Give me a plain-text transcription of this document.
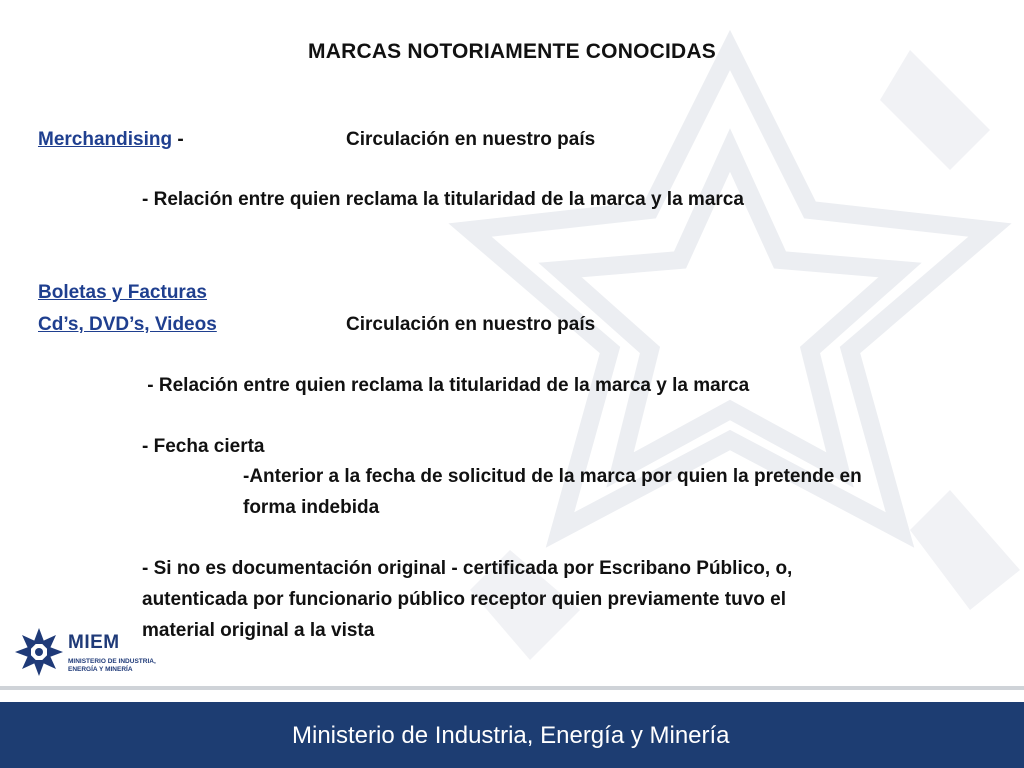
MARCAS NOTORIAMENTE CONOCIDAS
Merchandising -	Circulación en nuestro país
- Relación entre quien reclama la titularidad de la marca y la marca
Boletas y Facturas
Cd’s, DVD’s, Videos	Circulación en nuestro país
- Relación entre quien reclama la titularidad de la marca y la marca
- Fecha cierta
-Anterior a la fecha de solicitud de la marca por quien la pretende en
forma indebida
- Si no es documentación original - certificada por Escribano Público, o,
autenticada por funcionario público receptor quien previamente tuvo el
material original a la vista
MIEM
MINISTERIO DE INDUSTRIA,
ENERGÍA Y MINERÍA
Ministerio de Industria, Energía y Minería
